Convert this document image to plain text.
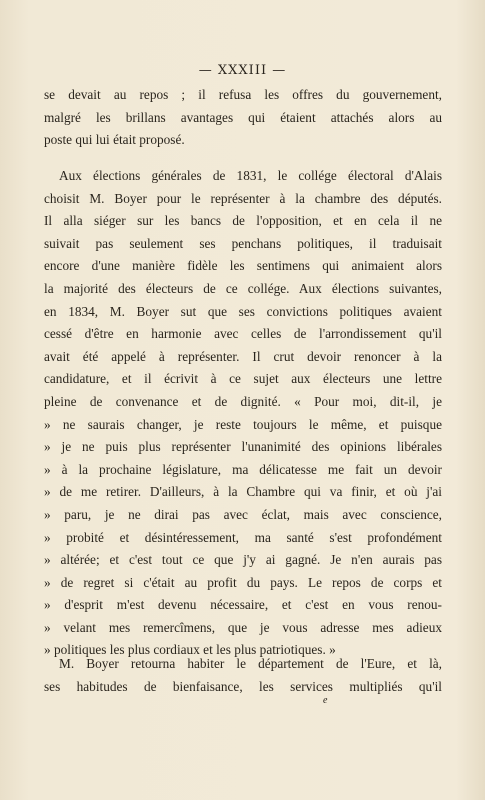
— XXXIII —
se devait au repos ; il refusa les offres du gouvernement,
malgré les brillans avantages qui étaient attachés alors au
poste qui lui était proposé.
Aux élections générales de 1831, le collége électoral d'Alais
choisit M. Boyer pour le représenter à la chambre des députés.
Il alla siéger sur les bancs de l'opposition, et en cela il ne
suivait pas seulement ses penchans politiques, il traduisait
encore d'une manière fidèle les sentimens qui animaient alors
la majorité des électeurs de ce collége. Aux élections suivantes,
en 1834, M. Boyer sut que ses convictions politiques avaient
cessé d'être en harmonie avec celles de l'arrondissement qu'il
avait été appelé à représenter. Il crut devoir renoncer à la
candidature, et il écrivit à ce sujet aux électeurs une lettre
pleine de convenance et de dignité. « Pour moi, dit-il, je
» ne saurais changer, je reste toujours le même, et puisque
» je ne puis plus représenter l'unanimité des opinions libérales
» à la prochaine législature, ma délicatesse me fait un devoir
» de me retirer. D'ailleurs, à la Chambre qui va finir, et où j'ai
» paru, je ne dirai pas avec éclat, mais avec conscience,
» probité et désintéressement, ma santé s'est profondément
» altérée; et c'est tout ce que j'y ai gagné. Je n'en aurais pas
» de regret si c'était au profit du pays. Le repos de corps et
» d'esprit m'est devenu nécessaire, et c'est en vous renou-
» velant mes remercîmens, que je vous adresse mes adieux
» politiques les plus cordiaux et les plus patriotiques. »
M. Boyer retourna habiter le département de l'Eure, et là,
ses habitudes de bienfaisance, les services multipliés qu'il
e
